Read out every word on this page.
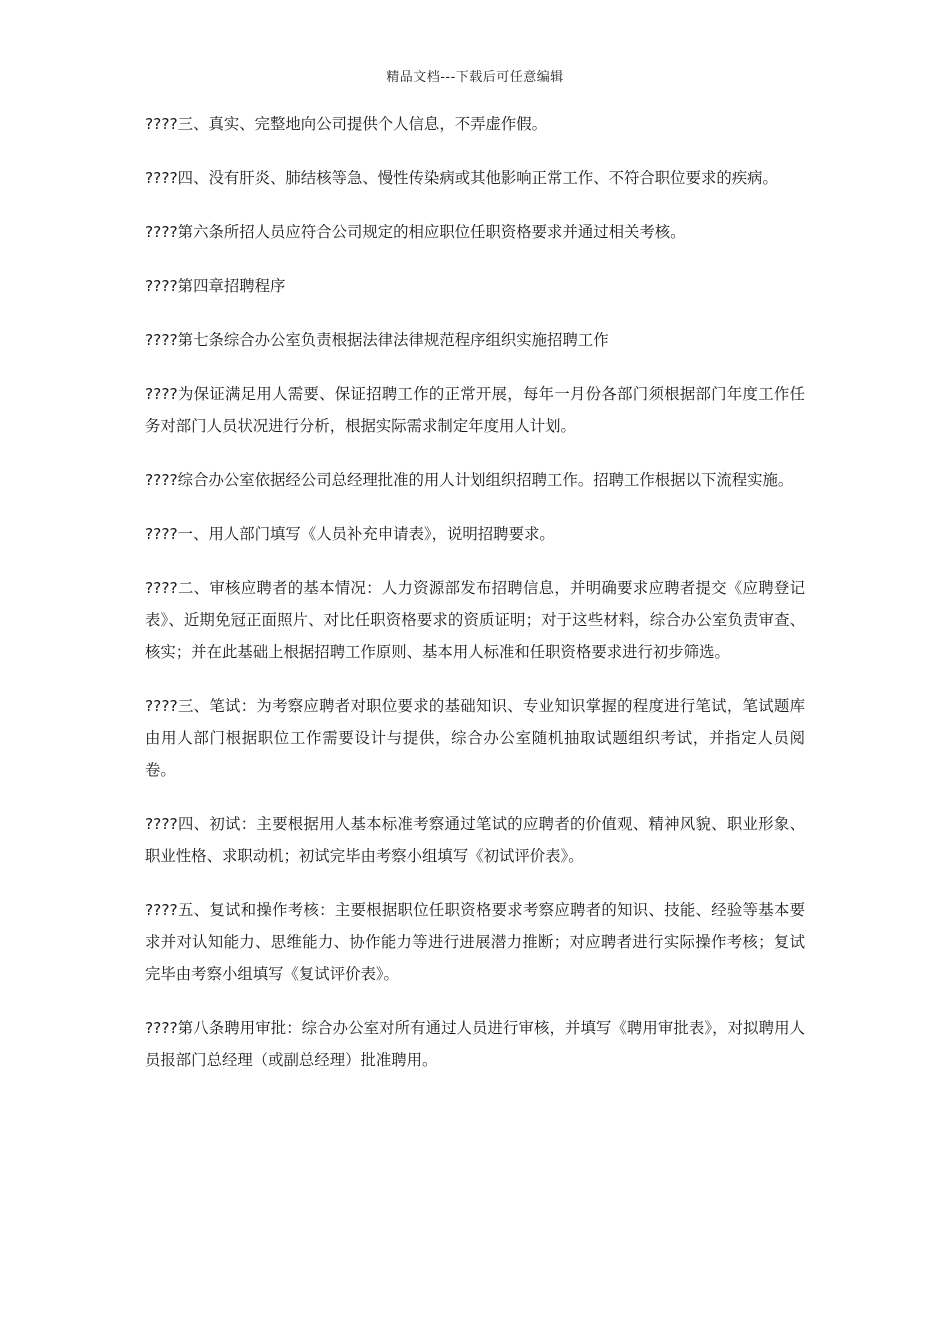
精品文档---下载后可任意编辑

????三、真实、完整地向公司提供个人信息，不弄虚作假。

????四、没有肝炎、肺结核等急、慢性传染病或其他影响正常工作、不符合职位要求的疾病。

????第六条所招人员应符合公司规定的相应职位任职资格要求并通过相关考核。

????第四章招聘程序

????第七条综合办公室负责根据法律法律规范程序组织实施招聘工作

????为保证满足用人需要、保证招聘工作的正常开展，每年一月份各部门须根据部门年度工作任务对部门人员状况进行分析，根据实际需求制定年度用人计划。

????综合办公室依据经公司总经理批准的用人计划组织招聘工作。招聘工作根据以下流程实施。

????一、用人部门填写《人员补充申请表》，说明招聘要求。

????二、审核应聘者的基本情况：人力资源部发布招聘信息，并明确要求应聘者提交《应聘登记表》、近期免冠正面照片、对比任职资格要求的资质证明；对于这些材料，综合办公室负责审查、核实；并在此基础上根据招聘工作原则、基本用人标准和任职资格要求进行初步筛选。

????三、笔试：为考察应聘者对职位要求的基础知识、专业知识掌握的程度进行笔试，笔试题库由用人部门根据职位工作需要设计与提供，综合办公室随机抽取试题组织考试，并指定人员阅卷。

????四、初试：主要根据用人基本标准考察通过笔试的应聘者的价值观、精神风貌、职业形象、职业性格、求职动机；初试完毕由考察小组填写《初试评价表》。

????五、复试和操作考核：主要根据职位任职资格要求考察应聘者的知识、技能、经验等基本要求并对认知能力、思维能力、协作能力等进行进展潜力推断；对应聘者进行实际操作考核；复试完毕由考察小组填写《复试评价表》。

????第八条聘用审批：综合办公室对所有通过人员进行审核，并填写《聘用审批表》，对拟聘用人员报部门总经理（或副总经理）批准聘用。
